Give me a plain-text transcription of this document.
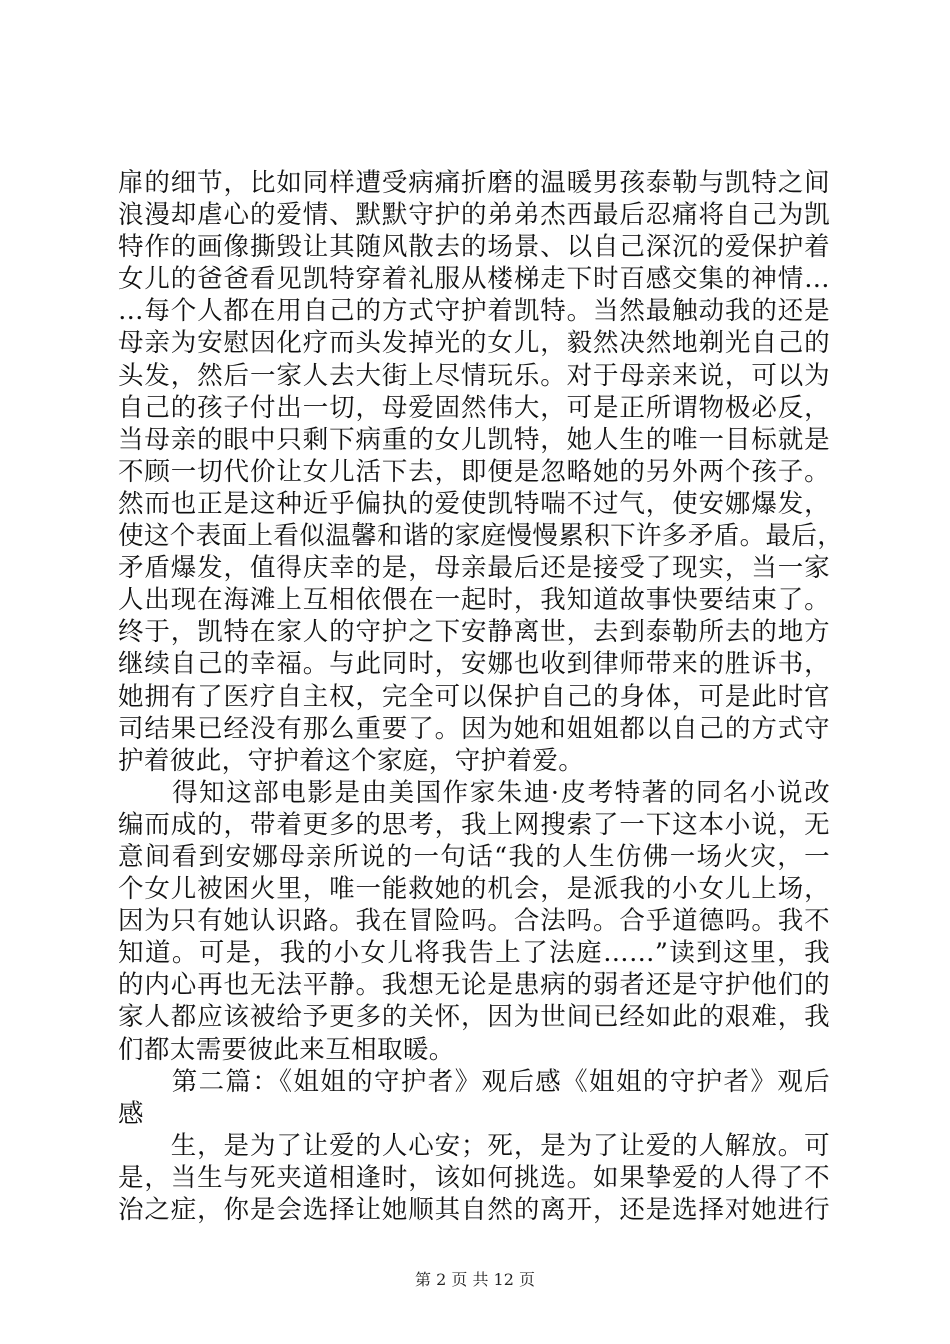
扉的细节，比如同样遭受病痛折磨的温暖男孩泰勒与凯特之间
浪漫却虐心的爱情、默默守护的弟弟杰西最后忍痛将自己为凯
特作的画像撕毁让其随风散去的场景、以自己深沉的爱保护着
女儿的爸爸看见凯特穿着礼服从楼梯走下时百感交集的神情…
…每个人都在用自己的方式守护着凯特。当然最触动我的还是
母亲为安慰因化疗而头发掉光的女儿，毅然决然地剃光自己的
头发，然后一家人去大街上尽情玩乐。对于母亲来说，可以为
自己的孩子付出一切，母爱固然伟大，可是正所谓物极必反，
当母亲的眼中只剩下病重的女儿凯特，她人生的唯一目标就是
不顾一切代价让女儿活下去，即便是忽略她的另外两个孩子。
然而也正是这种近乎偏执的爱使凯特喘不过气，使安娜爆发，
使这个表面上看似温馨和谐的家庭慢慢累积下许多矛盾。最后，
矛盾爆发，值得庆幸的是，母亲最后还是接受了现实，当一家
人出现在海滩上互相依偎在一起时，我知道故事快要结束了。
终于，凯特在家人的守护之下安静离世，去到泰勒所去的地方
继续自己的幸福。与此同时，安娜也收到律师带来的胜诉书，
她拥有了医疗自主权，完全可以保护自己的身体，可是此时官
司结果已经没有那么重要了。因为她和姐姐都以自己的方式守
护着彼此，守护着这个家庭，守护着爱。
　　得知这部电影是由美国作家朱迪·皮考特著的同名小说改
编而成的，带着更多的思考，我上网搜索了一下这本小说，无
意间看到安娜母亲所说的一句话“我的人生仿佛一场火灾，一
个女儿被困火里，唯一能救她的机会，是派我的小女儿上场，
因为只有她认识路。我在冒险吗。合法吗。合乎道德吗。我不
知道。可是，我的小女儿将我告上了法庭……”读到这里，我
的内心再也无法平静。我想无论是患病的弱者还是守护他们的
家人都应该被给予更多的关怀，因为世间已经如此的艰难，我
们都太需要彼此来互相取暖。
　　第二篇：《姐姐的守护者》观后感《姐姐的守护者》观后
感
　　生，是为了让爱的人心安；死，是为了让爱的人解放。可
是，当生与死夹道相逢时，该如何挑选。如果挚爱的人得了不
治之症，你是会选择让她顺其自然的离开，还是选择对她进行
第 2 页 共 12 页
